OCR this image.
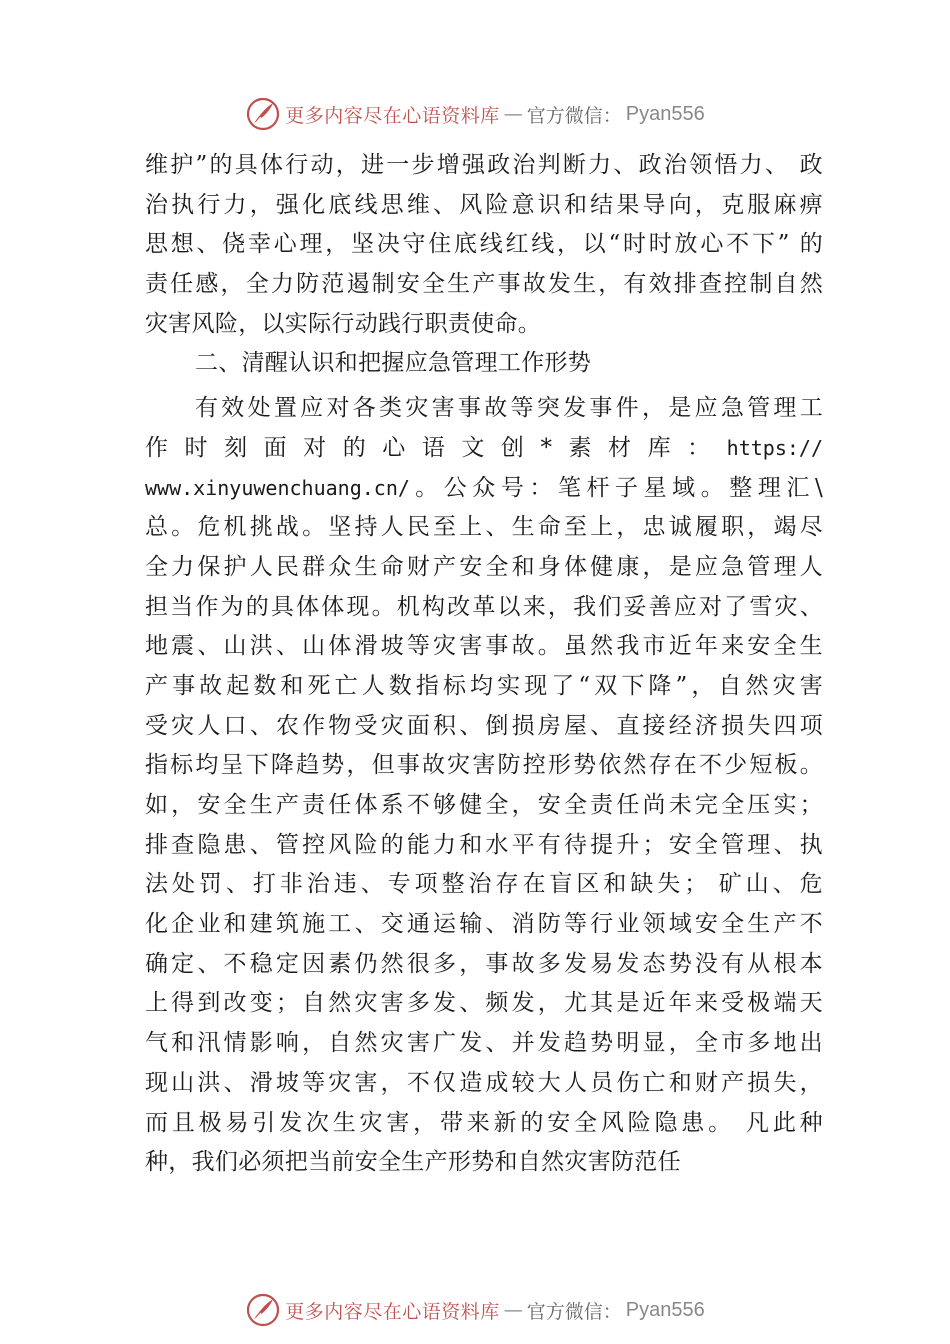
更多内容尽在心语资料库 — 官方微信： Pyan556
维护”的具体行动，进一步增强政治判断力、政治领悟力、 政
治执行力，强化底线思维、风险意识和结果导向，克服麻痹
思想、侥幸心理，坚决守住底线红线，以“时时放心不下” 的
责任感，全力防范遏制安全生产事故发生，有效排查控制自然
灾害风险，以实际行动践行职责使命。
二、清醒认识和把握应急管理工作形势
有效处置应对各类灾害事故等突发事件，是应急管理工
作时刻面对的心语文创*素材库：https://
www.xinyuwenchuang.cn/。公众号：笔杆子星域。整理汇\
总。危机挑战。坚持人民至上、生命至上，忠诚履职，竭尽
全力保护人民群众生命财产安全和身体健康，是应急管理人
担当作为的具体体现。机构改革以来，我们妥善应对了雪灾、
地震、山洪、山体滑坡等灾害事故。虽然我市近年来安全生
产事故起数和死亡人数指标均实现了“双下降”，自然灾害
受灾人口、农作物受灾面积、倒损房屋、直接经济损失四项
指标均呈下降趋势，但事故灾害防控形势依然存在不少短板。
如，安全生产责任体系不够健全，安全责任尚未完全压实；
排查隐患、管控风险的能力和水平有待提升；安全管理、执
法处罚、打非治违、专项整治存在盲区和缺失； 矿山、危
化企业和建筑施工、交通运输、消防等行业领域安全生产不
确定、不稳定因素仍然很多，事故多发易发态势没有从根本
上得到改变；自然灾害多发、频发，尤其是近年来受极端天
气和汛情影响，自然灾害广发、并发趋势明显，全市多地出
现山洪、滑坡等灾害，不仅造成较大人员伤亡和财产损失，
而且极易引发次生灾害，带来新的安全风险隐患。 凡此种
种，我们必须把当前安全生产形势和自然灾害防范任
更多内容尽在心语资料库 — 官方微信： Pyan556
